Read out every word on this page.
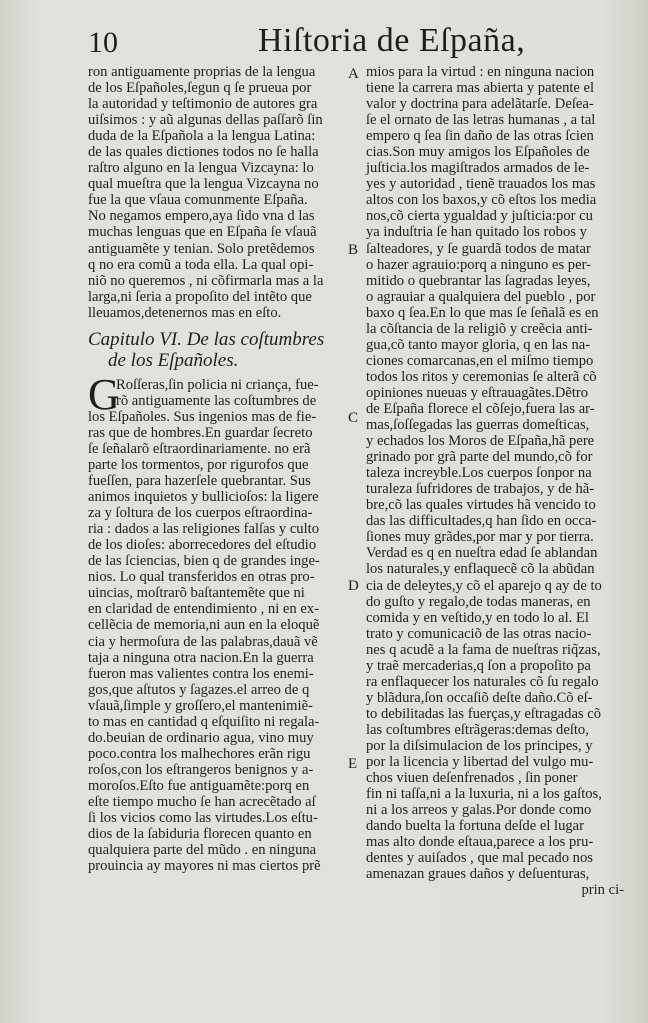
10	Hiſtoria de Eſpaña,
A
B
C
D
E
ron antiguamente proprias de la lengua
de los Eſpañoles,ſegun q ſe prueua por
la autoridad y teſtimonio de autores gra
uiſsimos : y aũ algunas dellas paſſarõ ſin
duda de la Eſpañola a la lengua Latina:
de las quales dictiones todos no ſe halla
raſtro alguno en la lengua Vizcayna: lo
qual mueſtra que la lengua Vizcayna no
fue la que vſaua comunmente Eſpaña.
No negamos empero,aya ſido vna d las
muchas lenguas que en Eſpaña ſe vſauã
antiguamẽte y tenian. Solo pretẽdemos
q no era comũ a toda ella. La qual opi-
niõ no queremos , ni cõfirmarla mas a la
larga,ni ſeria a propoſito del intẽto que
lleuamos,detenernos mas en eſto.
Capitulo VI. De las coſtumbres
de los Eſpañoles.
G
Roſſeras,ſin policia ni criança, fue-
rõ antiguamente las coſtumbres de
los Eſpañoles. Sus ingenios mas de fie-
ras que de hombres.En guardar ſecreto
ſe ſeñalarõ eſtraordinariamente. no erã
parte los tormentos, por rigurofos que
fueſſen, para hazerſele quebrantar. Sus
animos inquietos y bullicioſos: la ligere
za y ſoltura de los cuerpos eſtraordina-
ria : dados a las religiones falſas y culto
de los dioſes: aborrecedores del eſtudio
de las ſciencias, bien q de grandes inge-
nios. Lo qual transferidos en otras pro-
uincias, moſtrarõ baſtantemẽte que ni
en claridad de entendimiento , ni en ex-
cellẽcia de memoria,ni aun en la eloquẽ
cia y hermoſura de las palabras,dauã vẽ
taja a ninguna otra nacion.En la guerra
fueron mas valientes contra los enemi-
gos,que aſtutos y ſagazes.el arreo de q
vſauã,ſimple y groſſero,el mantenimiẽ-
to mas en cantidad q eſquiſito ni regala-
do.beuian de ordinario agua, vino muy
poco.contra los malhechores erãn rigu
roſos,con los eſtrangeros benignos y a-
moroſos.Eſto fue antiguamẽte:porq en
eſte tiempo mucho ſe han acrecẽtado aſ
ſi los vicios como las virtudes.Los eſtu-
dios de la ſabiduria florecen quanto en
qualquiera parte del mũdo . en ninguna
prouincia ay mayores ni mas ciertos prẽ
mios para la virtud : en ninguna nacion
tiene la carrera mas abierta y patente el
valor y doctrina para adelãtarſe. Deſea-
ſe el ornato de las letras humanas , a tal
empero q ſea ſin daño de las otras ſcien
cias.Son muy amigos los Eſpañoles de
juſticia.los magiſtrados armados de le-
yes y autoridad , tienẽ trauados los mas
altos con los baxos,y cõ eſtos los media
nos,cõ cierta ygualdad y juſticia:por cu
ya induſtria ſe han quitado los robos y
ſalteadores, y ſe guardã todos de matar
o hazer agrauio:porq a ninguno es per-
mitido o quebrantar las ſagradas leyes,
o agrauiar a qualquiera del pueblo , por
baxo q ſea.En lo que mas ſe ſeñalã es en
la cõſtancia de la religiõ y creẽcia anti-
gua,cõ tanto mayor gloria, q en las na-
ciones comarcanas,en el miſmo tiempo
todos los ritos y ceremonias ſe alterã cõ
opiniones nueuas y eſtrauagãtes.Dẽtro
de Eſpaña florece el cõſejo,fuera las ar-
mas,ſoſſegadas las guerras domeſticas,
y echados los Moros de Eſpaña,hã pere
grinado por grã parte del mundo,cõ for
taleza increyble.Los cuerpos ſonpor na
turaleza ſufridores de trabajos, y de hã-
bre,cõ las quales virtudes hã vencido to
das las difficultades,q han ſido en occa-
ſiones muy grãdes,por mar y por tierra.
Verdad es q en nueſtra edad ſe ablandan
los naturales,y enflaquecẽ cõ la abũdan
cia de deleytes,y cõ el aparejo q ay de to
do guſto y regalo,de todas maneras, en
comida y en veſtido,y en todo lo al. El
trato y comunicaciõ de las otras nacio-
nes q acudẽ a la fama de nueſtras riq̃zas,
y traẽ mercaderias,q ſon a propoſito pa
ra enflaquecer los naturales cõ ſu regalo
y blãdura,ſon occaſiõ deſte daño.Cõ eſ-
to debilitadas las fuerças,y eſtragadas cõ
las coſtumbres eſtrãgeras:demas deſto,
por la diſsimulacion de los principes, y
por la licencia y libertad del vulgo mu-
chos viuen deſenfrenados , ſin poner
fin ni taſſa,ni a la luxuria, ni a los gaſtos,
ni a los arreos y galas.Por donde como
dando buelta la fortuna deſde el lugar
mas alto donde eſtaua,parece a los pru-
dentes y auiſados , que mal pecado nos
amenazan graues daños y deſuenturas,
prin ci-
